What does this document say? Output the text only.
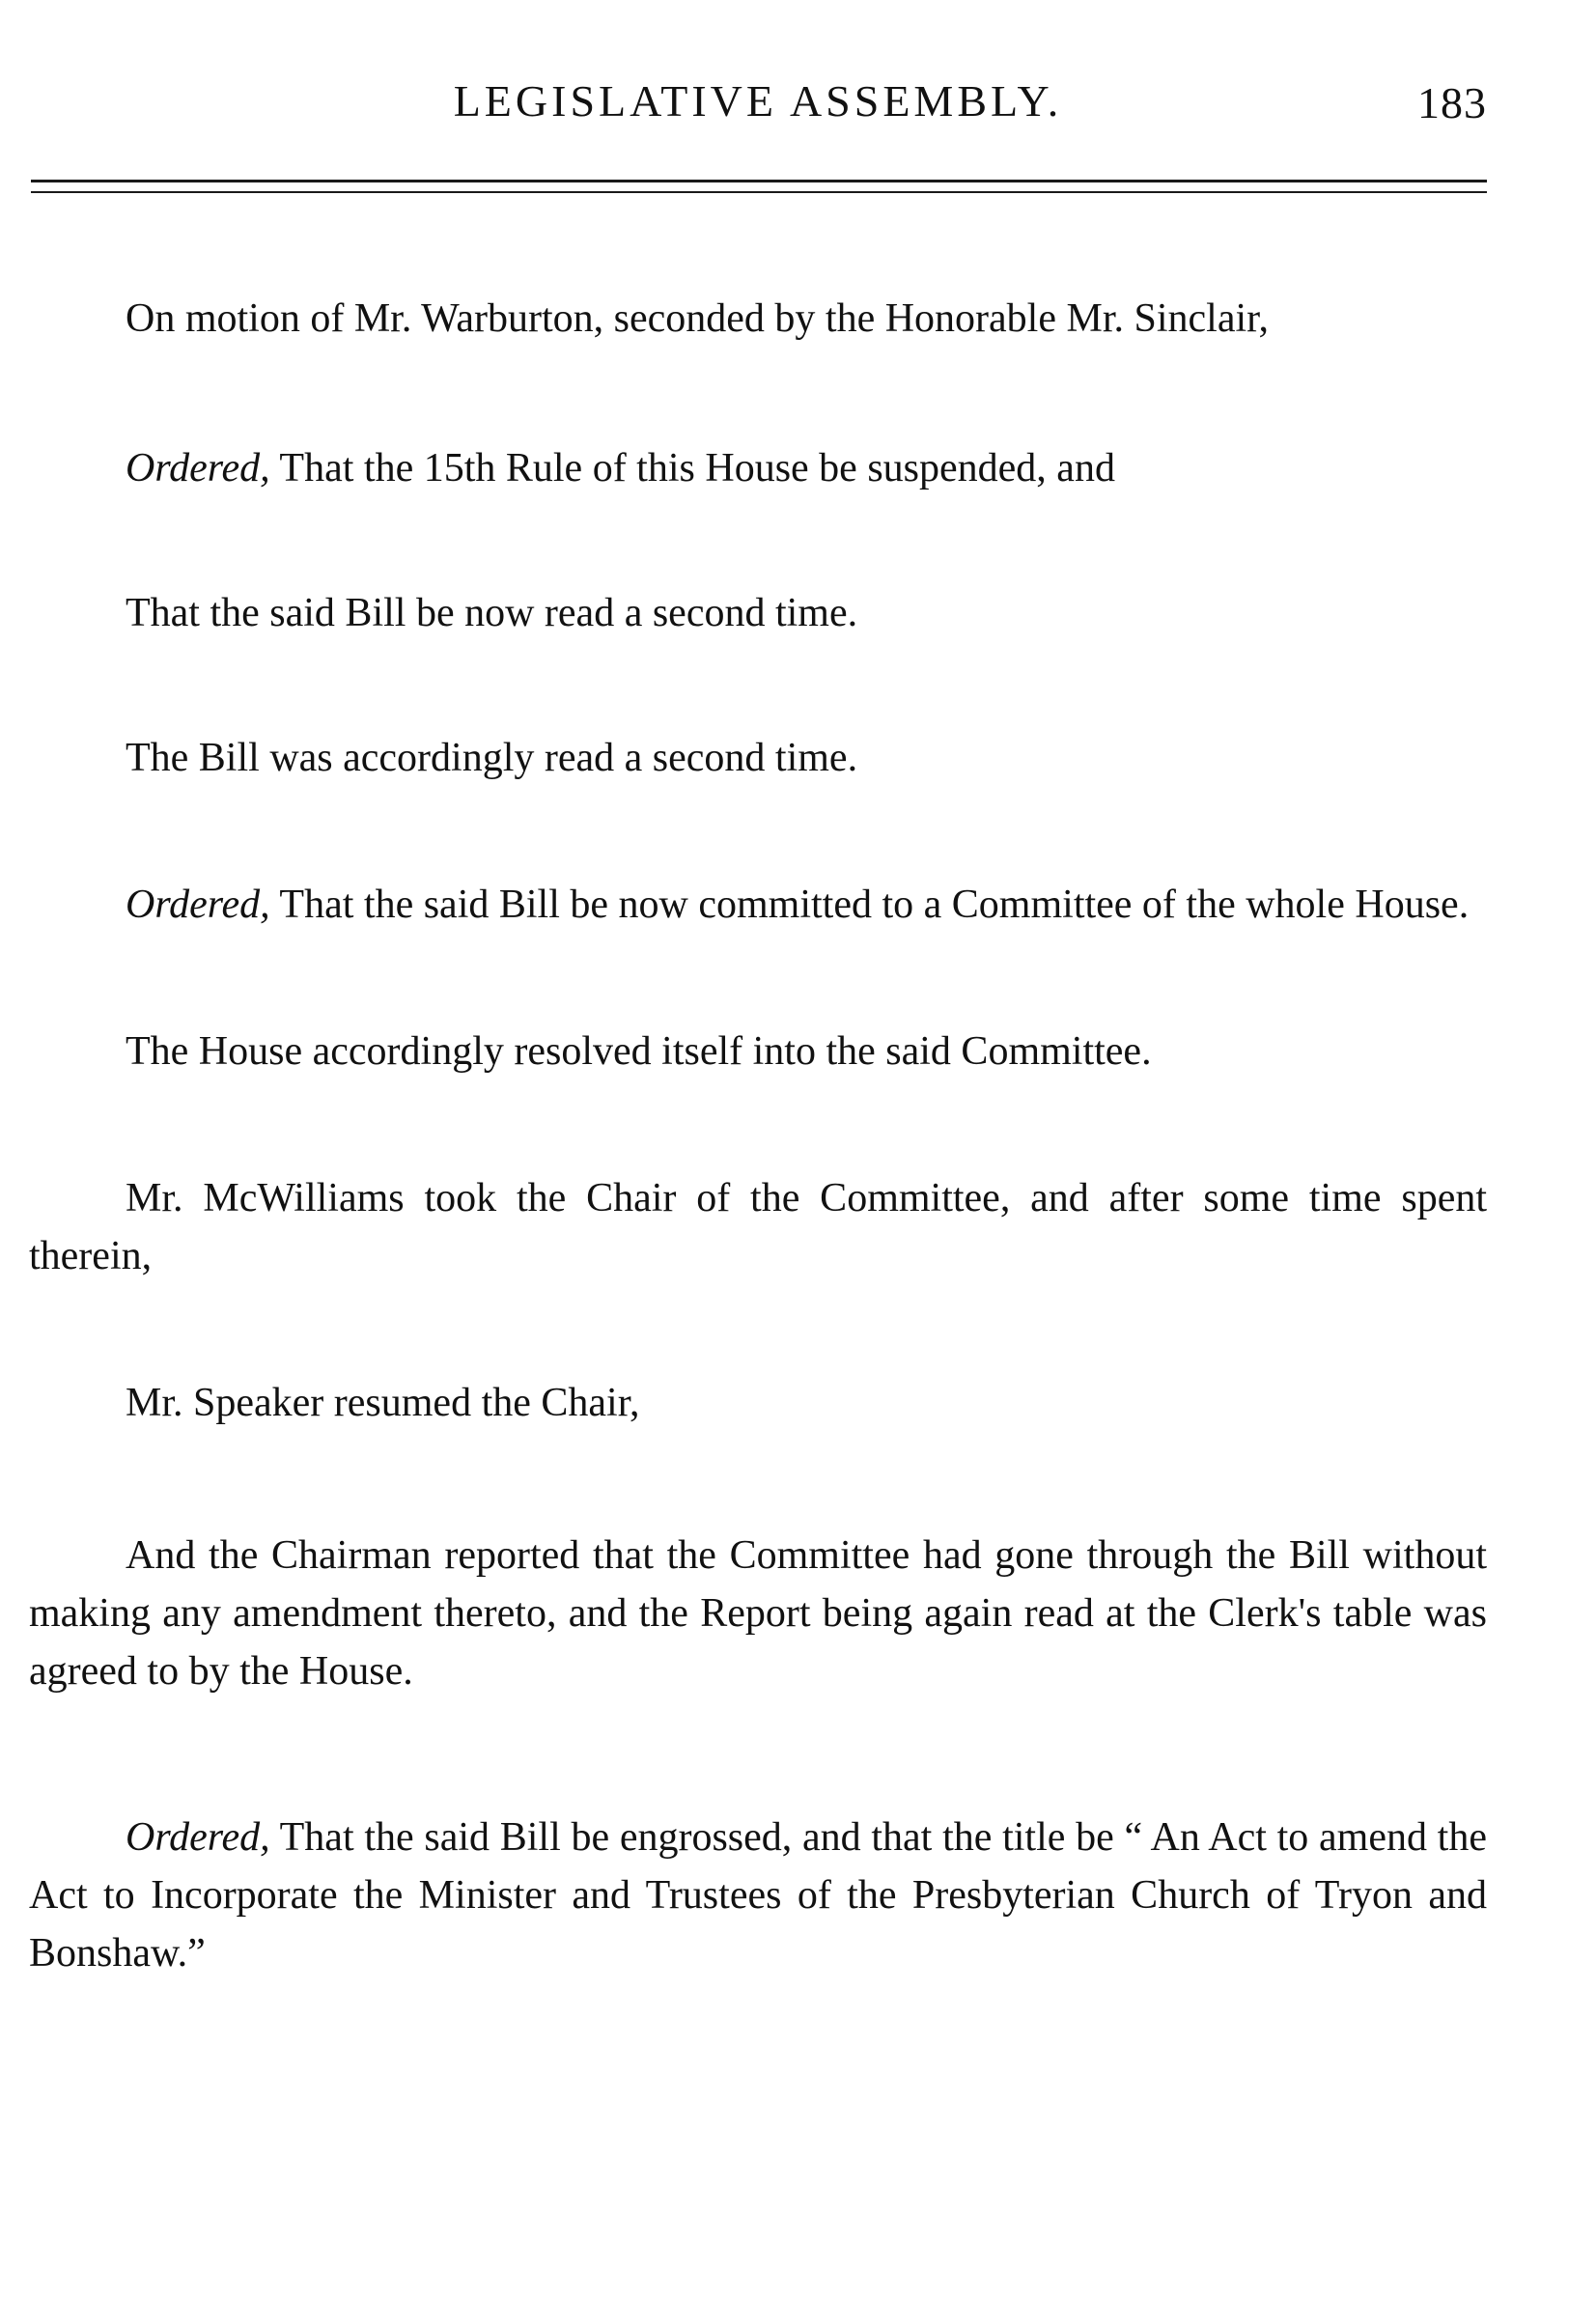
LEGISLATIVE ASSEMBLY.	183

On motion of Mr. Warburton, seconded by the Honorable Mr. Sinclair,

Ordered, That the 15th Rule of this House be suspended, and

That the said Bill be now read a second time.

The Bill was accordingly read a second time.

Ordered, That the said Bill be now committed to a Committee of the whole House.

The House accordingly resolved itself into the said Committee.

Mr. McWilliams took the Chair of the Committee, and after some time spent therein,

Mr. Speaker resumed the Chair,

And the Chairman reported that the Committee had gone through the Bill without making any amendment thereto, and the Report being again read at the Clerk's table was agreed to by the House.

Ordered, That the said Bill be engrossed, and that the title be “ An Act to amend the Act to Incorporate the Minister and Trustees of the Presbyterian Church of Tryon and Bonshaw.”
